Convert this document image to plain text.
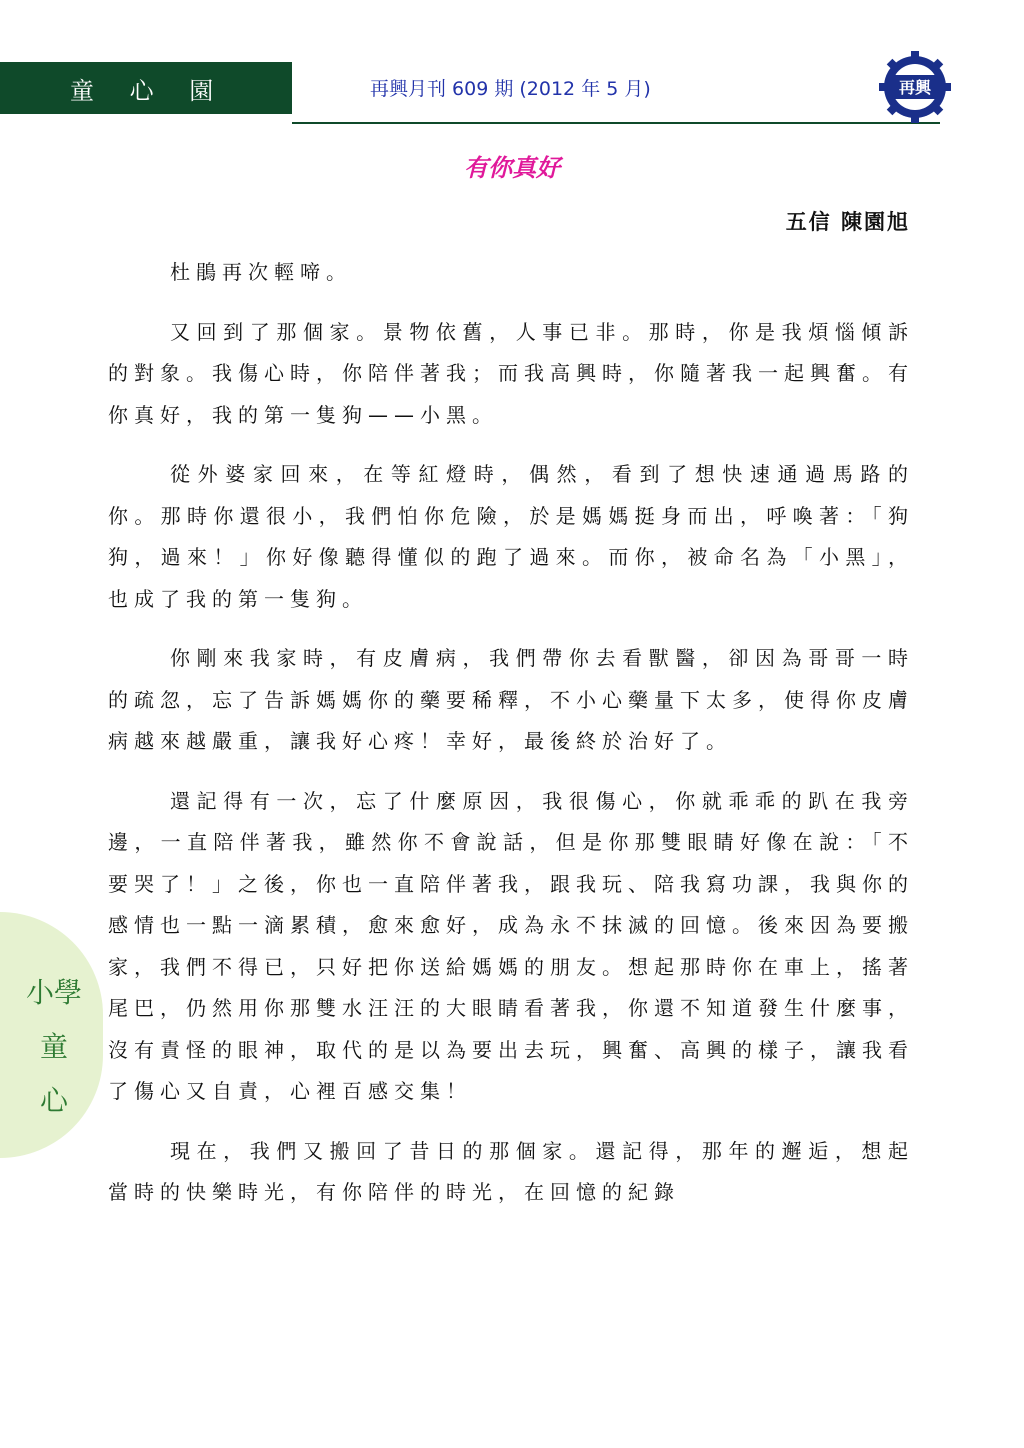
童 心 園	再興月刊 609 期 (2012 年 5 月)	再興
有你真好
五信 陳園旭

杜鵑再次輕啼。

又回到了那個家。景物依舊，人事已非。那時，你是我煩惱傾訴的對象。我傷心時，你陪伴著我；而我高興時，你隨著我一起興奮。有你真好，我的第一隻狗——小黑。

從外婆家回來，在等紅燈時，偶然，看到了想快速通過馬路的你。那時你還很小，我們怕你危險，於是媽媽挺身而出，呼喚著：「狗狗，過來！」你好像聽得懂似的跑了過來。而你，被命名為「小黑」，也成了我的第一隻狗。

你剛來我家時，有皮膚病，我們帶你去看獸醫，卻因為哥哥一時的疏忽，忘了告訴媽媽你的藥要稀釋，不小心藥量下太多，使得你皮膚病越來越嚴重，讓我好心疼！幸好，最後終於治好了。

還記得有一次，忘了什麼原因，我很傷心，你就乖乖的趴在我旁邊，一直陪伴著我，雖然你不會說話，但是你那雙眼睛好像在說：「不要哭了！」之後，你也一直陪伴著我，跟我玩、陪我寫功課，我與你的感情也一點一滴累積，愈來愈好，成為永不抹滅的回憶。後來因為要搬家，我們不得已，只好把你送給媽媽的朋友。想起那時你在車上，搖著尾巴，仍然用你那雙水汪汪的大眼睛看著我，你還不知道發生什麼事，沒有責怪的眼神，取代的是以為要出去玩，興奮、高興的樣子，讓我看了傷心又自責，心裡百感交集！

現在，我們又搬回了昔日的那個家。還記得，那年的邂逅，想起當時的快樂時光，有你陪伴的時光，在回憶的紀錄

小學
童
心
